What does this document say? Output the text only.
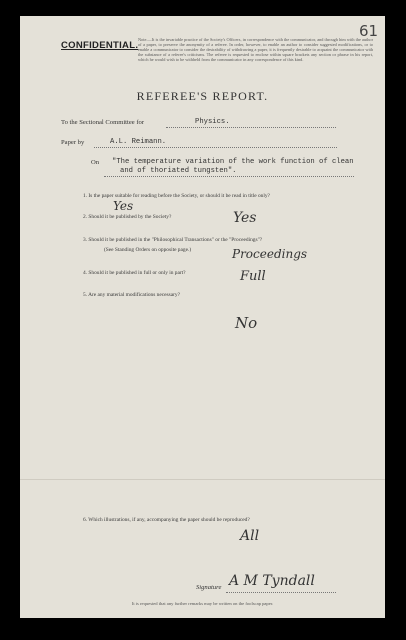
61
CONFIDENTIAL.
Note.—It is the invariable practice of the Society's Officers, in correspondence with the communicator, and through him with the author of a paper, to preserve the anonymity of a referee. In order, however, to enable an author to consider suggested modifications, or to enable a communicator to consider the desirability of withdrawing a paper, it is frequently desirable to acquaint the communicator with the substance of a referee's criticisms. The referee is requested to enclose within square brackets any section or phrase in his report, which he would wish to be withheld from the communicator in any correspondence of this kind.
REFEREE'S REPORT.
To the Sectional Committee for	Physics.
Paper by	A.L. Reimann.
On "The temperature variation of the work function of clean
and of thoriated tungsten".
1. Is the paper suitable for reading before the Society, or should it be read in title only?
Yes
2. Should it be published by the Society?	Yes
3. Should it be published in the "Philosophical Transactions" or the "Proceedings"?
(See Standing Orders on opposite page.)	Proceedings
4. Should it be published in full or only in part?	Full
5. Are any material modifications necessary?
No
6. Which illustrations, if any, accompanying the paper should be reproduced?
All
Signature A M Tyndall
It is requested that any further remarks may be written on the foolscap paper.
